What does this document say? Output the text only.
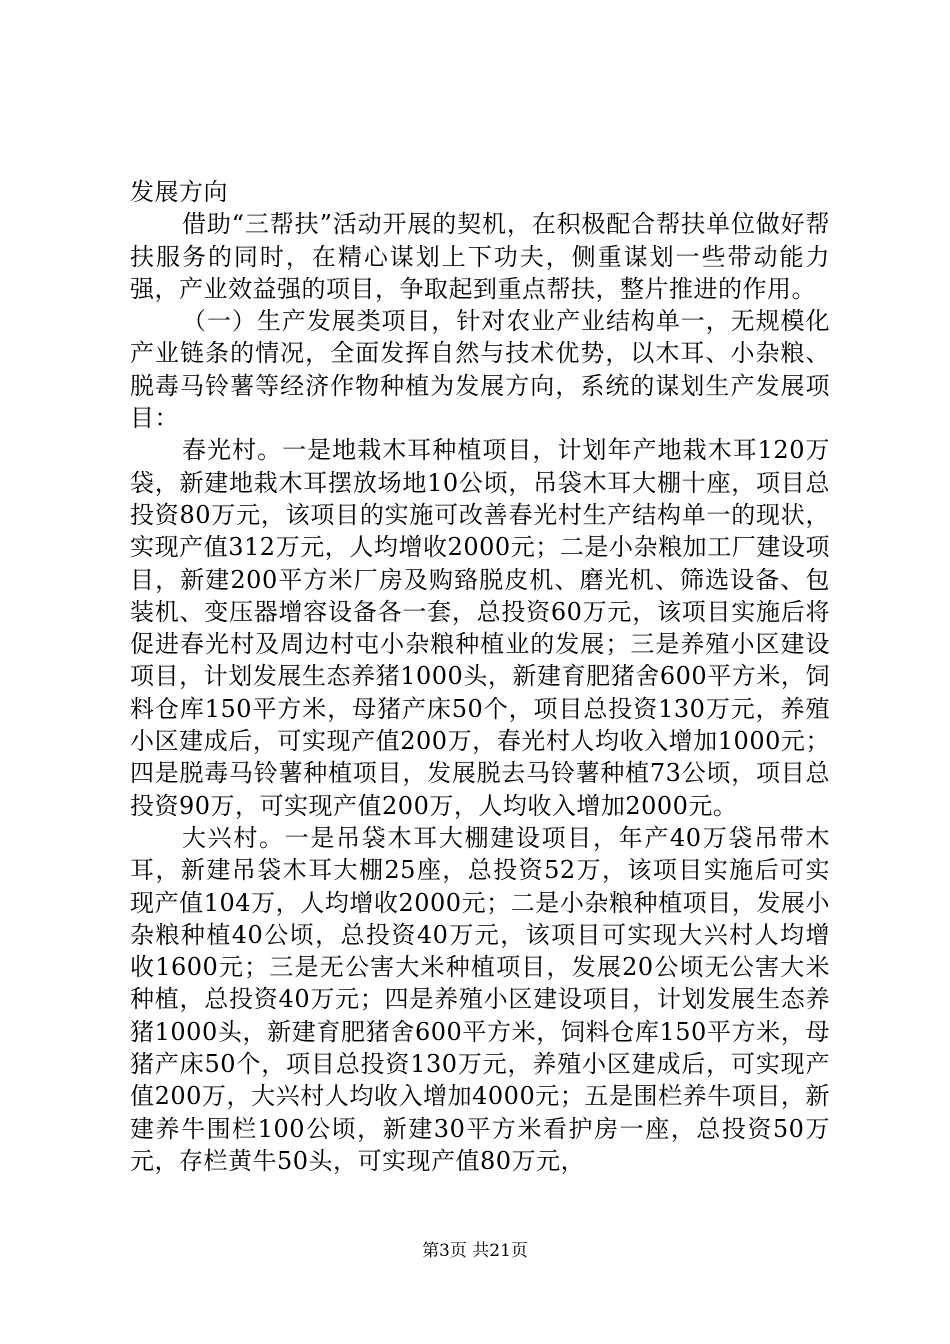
发展方向

借助“三帮扶”活动开展的契机，在积极配合帮扶单位做好帮扶服务的同时，在精心谋划上下功夫，侧重谋划一些带动能力强，产业效益强的项目，争取起到重点帮扶，整片推进的作用。

（一）生产发展类项目，针对农业产业结构单一，无规模化产业链条的情况，全面发挥自然与技术优势，以木耳、小杂粮、脱毒马铃薯等经济作物种植为发展方向，系统的谋划生产发展项目：

春光村。一是地栽木耳种植项目，计划年产地栽木耳120万袋，新建地栽木耳摆放场地10公顷，吊袋木耳大棚十座，项目总投资80万元，该项目的实施可改善春光村生产结构单一的现状，实现产值312万元，人均增收2000元；二是小杂粮加工厂建设项目，新建200平方米厂房及购臵脱皮机、磨光机、筛选设备、包装机、变压器增容设备各一套，总投资60万元，该项目实施后将促进春光村及周边村屯小杂粮种植业的发展；三是养殖小区建设项目，计划发展生态养猪1000头，新建育肥猪舍600平方米，饲料仓库150平方米，母猪产床50个，项目总投资130万元，养殖小区建成后，可实现产值200万，春光村人均收入增加1000元；四是脱毒马铃薯种植项目，发展脱去马铃薯种植73公顷，项目总投资90万，可实现产值200万，人均收入增加2000元。

大兴村。一是吊袋木耳大棚建设项目，年产40万袋吊带木耳，新建吊袋木耳大棚25座，总投资52万，该项目实施后可实现产值104万，人均增收2000元；二是小杂粮种植项目，发展小杂粮种植40公顷，总投资40万元，该项目可实现大兴村人均增收1600元；三是无公害大米种植项目，发展20公顷无公害大米种植，总投资40万元；四是养殖小区建设项目，计划发展生态养猪1000头，新建育肥猪舍600平方米，饲料仓库150平方米，母猪产床50个，项目总投资130万元，养殖小区建成后，可实现产值200万，大兴村人均收入增加4000元；五是围栏养牛项目，新建养牛围栏100公顷，新建30平方米看护房一座，总投资50万元，存栏黄牛50头，可实现产值80万元，

第3页 共21页
